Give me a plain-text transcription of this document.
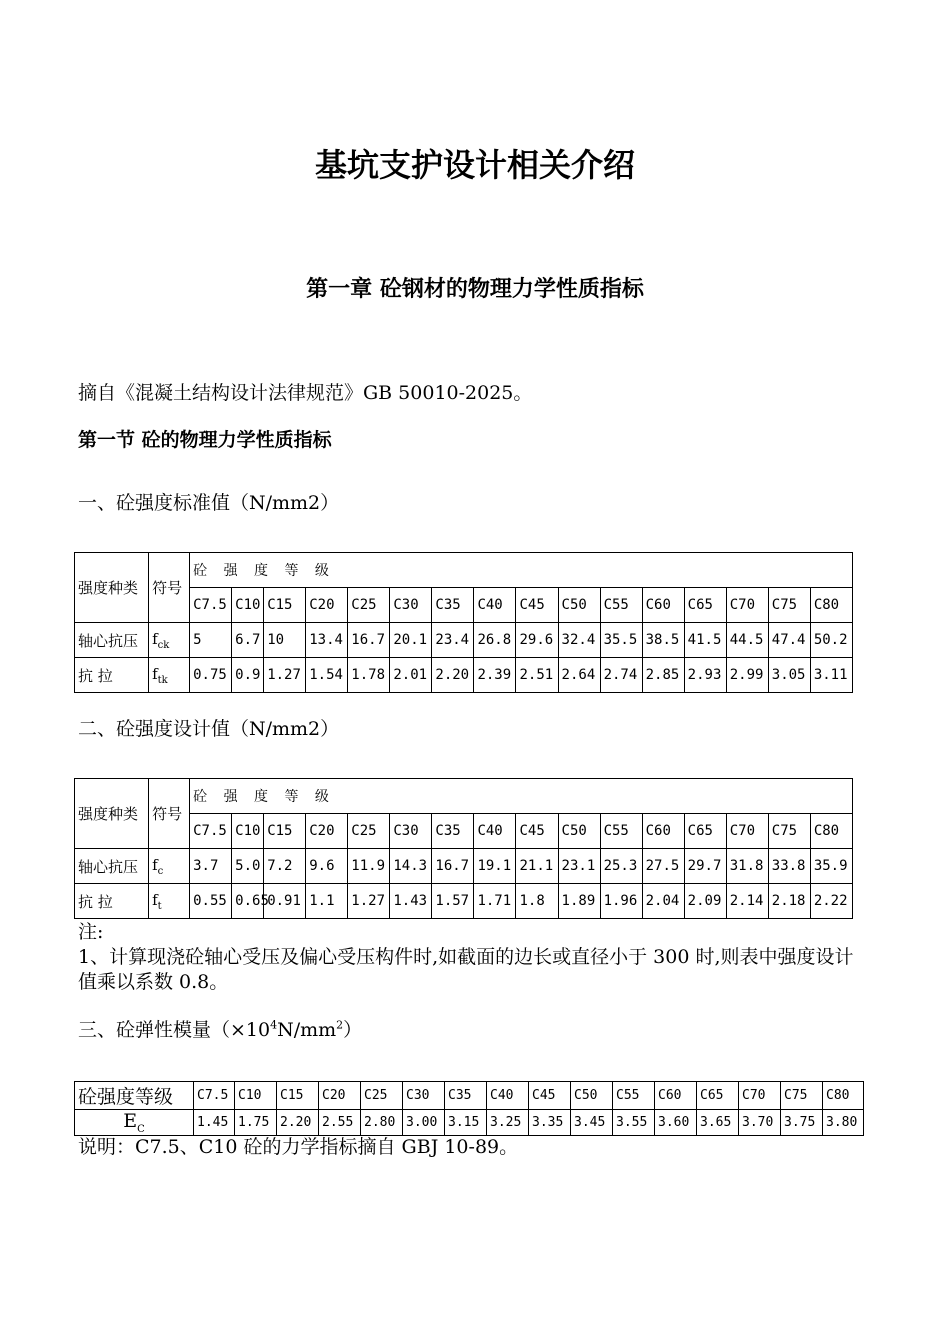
基坑支护设计相关介绍
第一章 砼钢材的物理力学性质指标
摘自《混凝土结构设计法律规范》GB 50010-2025。
第一节 砼的物理力学性质指标
一、砼强度标准值（N/mm2）
强度种类	符号	砼 强 度 等 级															
		C7.5	C10	C15	C20	C25	C30	C35	C40	C45	C50	C55	C60	C65	C70	C75	C80
轴心抗压	$f_{ck}$	5	6.7	10	13.4	16.7	20.1	23.4	26.8	29.6	32.4	35.5	38.5	41.5	44.5	47.4	50.2
抗 拉	$f_{tk}$	0.75	0.9	1.27	1.54	1.78	2.01	2.20	2.39	2.51	2.64	2.74	2.85	2.93	2.99	3.05	3.11
二、砼强度设计值（N/mm2）
强度种类	符号	砼 强 度 等 级															
		C7.5	C10	C15	C20	C25	C30	C35	C40	C45	C50	C55	C60	C65	C70	C75	C80
轴心抗压	$f_c$	3.7	5.0	7.2	9.6	11.9	14.3	16.7	19.1	21.1	23.1	25.3	27.5	29.7	31.8	33.8	35.9
抗 拉	$f_t$	0.55	0.65	0.91	1.1	1.27	1.43	1.57	1.71	1.8	1.89	1.96	2.04	2.09	2.14	2.18	2.22
注:
1、计算现浇砼轴心受压及偏心受压构件时,如截面的边长或直径小于 300 时,则表中强度设计值乘以系数 0.8。
三、砼弹性模量$(\times 10^4N/mm^2)$
砼强度等级	C7.5	C10	C15	C20	C25	C30	C35	C40	C45	C50	C55	C60	C65	C70	C75	C80
$E_C$	1.45	1.75	2.20	2.55	2.80	3.00	3.15	3.25	3.35	3.45	3.55	3.60	3.65	3.70	3.75	3.80
说明：C7.5、C10 砼的力学指标摘自 GBJ 10-89。
